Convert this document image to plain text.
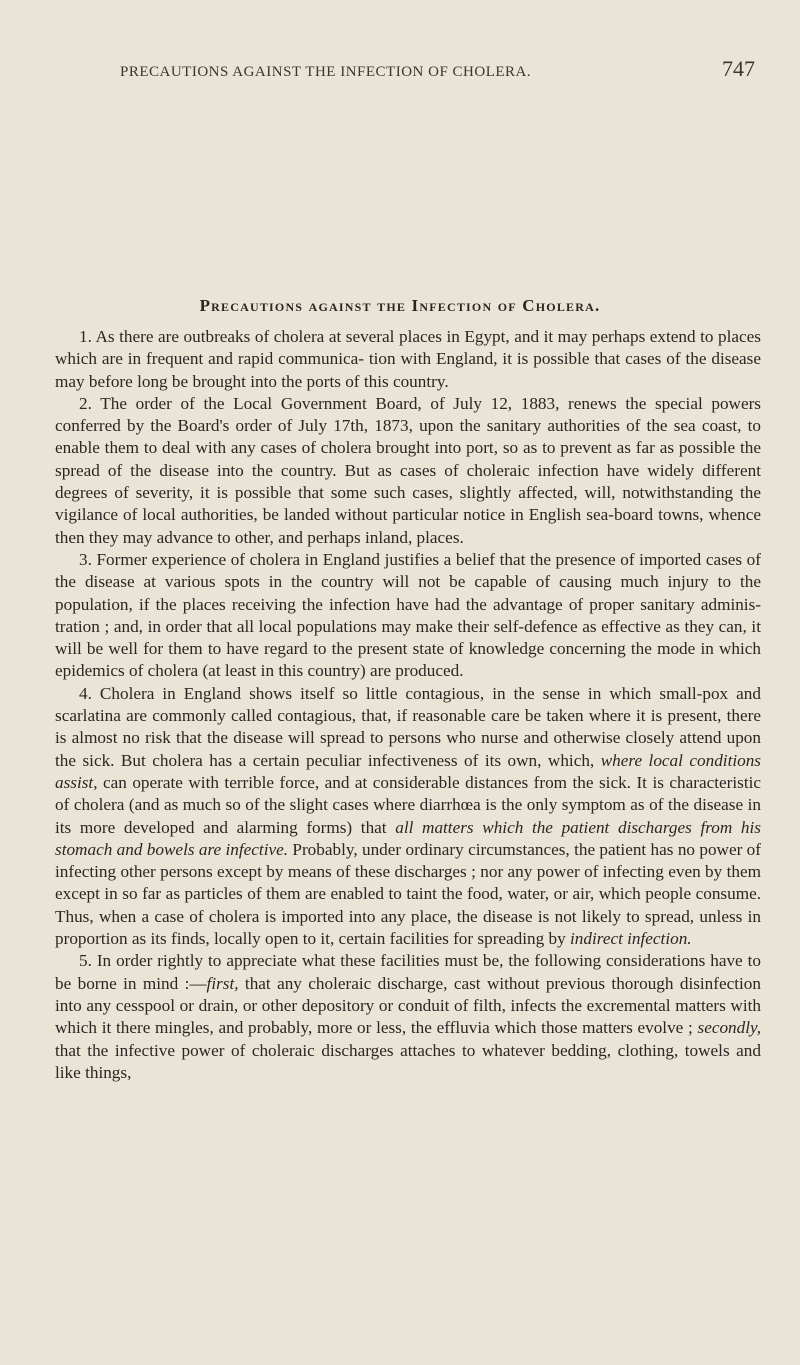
PRECAUTIONS AGAINST THE INFECTION OF CHOLERA.	747
Precautions against the Infection of Cholera.

1. As there are outbreaks of cholera at several places in Egypt, and it may perhaps extend to places which are in frequent and rapid communica- tion with England, it is possible that cases of the disease may before long be brought into the ports of this country.

2. The order of the Local Government Board, of July 12, 1883, renews the special powers conferred by the Board's order of July 17th, 1873, upon the sanitary authorities of the sea coast, to enable them to deal with any cases of cholera brought into port, so as to prevent as far as possible the spread of the disease into the country. But as cases of choleraic infection have widely different degrees of severity, it is possible that some such cases, slightly affected, will, notwithstanding the vigilance of local authorities, be landed without particular notice in English sea-board towns, whence then they may advance to other, and perhaps inland, places.

3. Former experience of cholera in England justifies a belief that the presence of imported cases of the disease at various spots in the country will not be capable of causing much injury to the population, if the places receiving the infection have had the advantage of proper sanitary adminis- tration ; and, in order that all local populations may make their self-defence as effective as they can, it will be well for them to have regard to the present state of knowledge concerning the mode in which epidemics of cholera (at least in this country) are produced.

4. Cholera in England shows itself so little contagious, in the sense in which small-pox and scarlatina are commonly called contagious, that, if reasonable care be taken where it is present, there is almost no risk that the disease will spread to persons who nurse and otherwise closely attend upon the sick. But cholera has a certain peculiar infectiveness of its own, which, where local conditions assist, can operate with terrible force, and at considerable distances from the sick. It is characteristic of cholera (and as much so of the slight cases where diarrhœa is the only symptom as of the disease in its more developed and alarming forms) that all matters which the patient discharges from his stomach and bowels are infective. Probably, under ordinary circumstances, the patient has no power of infecting other persons except by means of these discharges ; nor any power of infecting even by them except in so far as particles of them are enabled to taint the food, water, or air, which people consume. Thus, when a case of cholera is imported into any place, the disease is not likely to spread, unless in proportion as its finds, locally open to it, certain facilities for spreading by indirect infection.

5. In order rightly to appreciate what these facilities must be, the following considerations have to be borne in mind :—first, that any choleraic discharge, cast without previous thorough disinfection into any cesspool or drain, or other depository or conduit of filth, infects the excremental matters with which it there mingles, and probably, more or less, the effluvia which those matters evolve ; secondly, that the infective power of choleraic discharges attaches to whatever bedding, clothing, towels and like things,
